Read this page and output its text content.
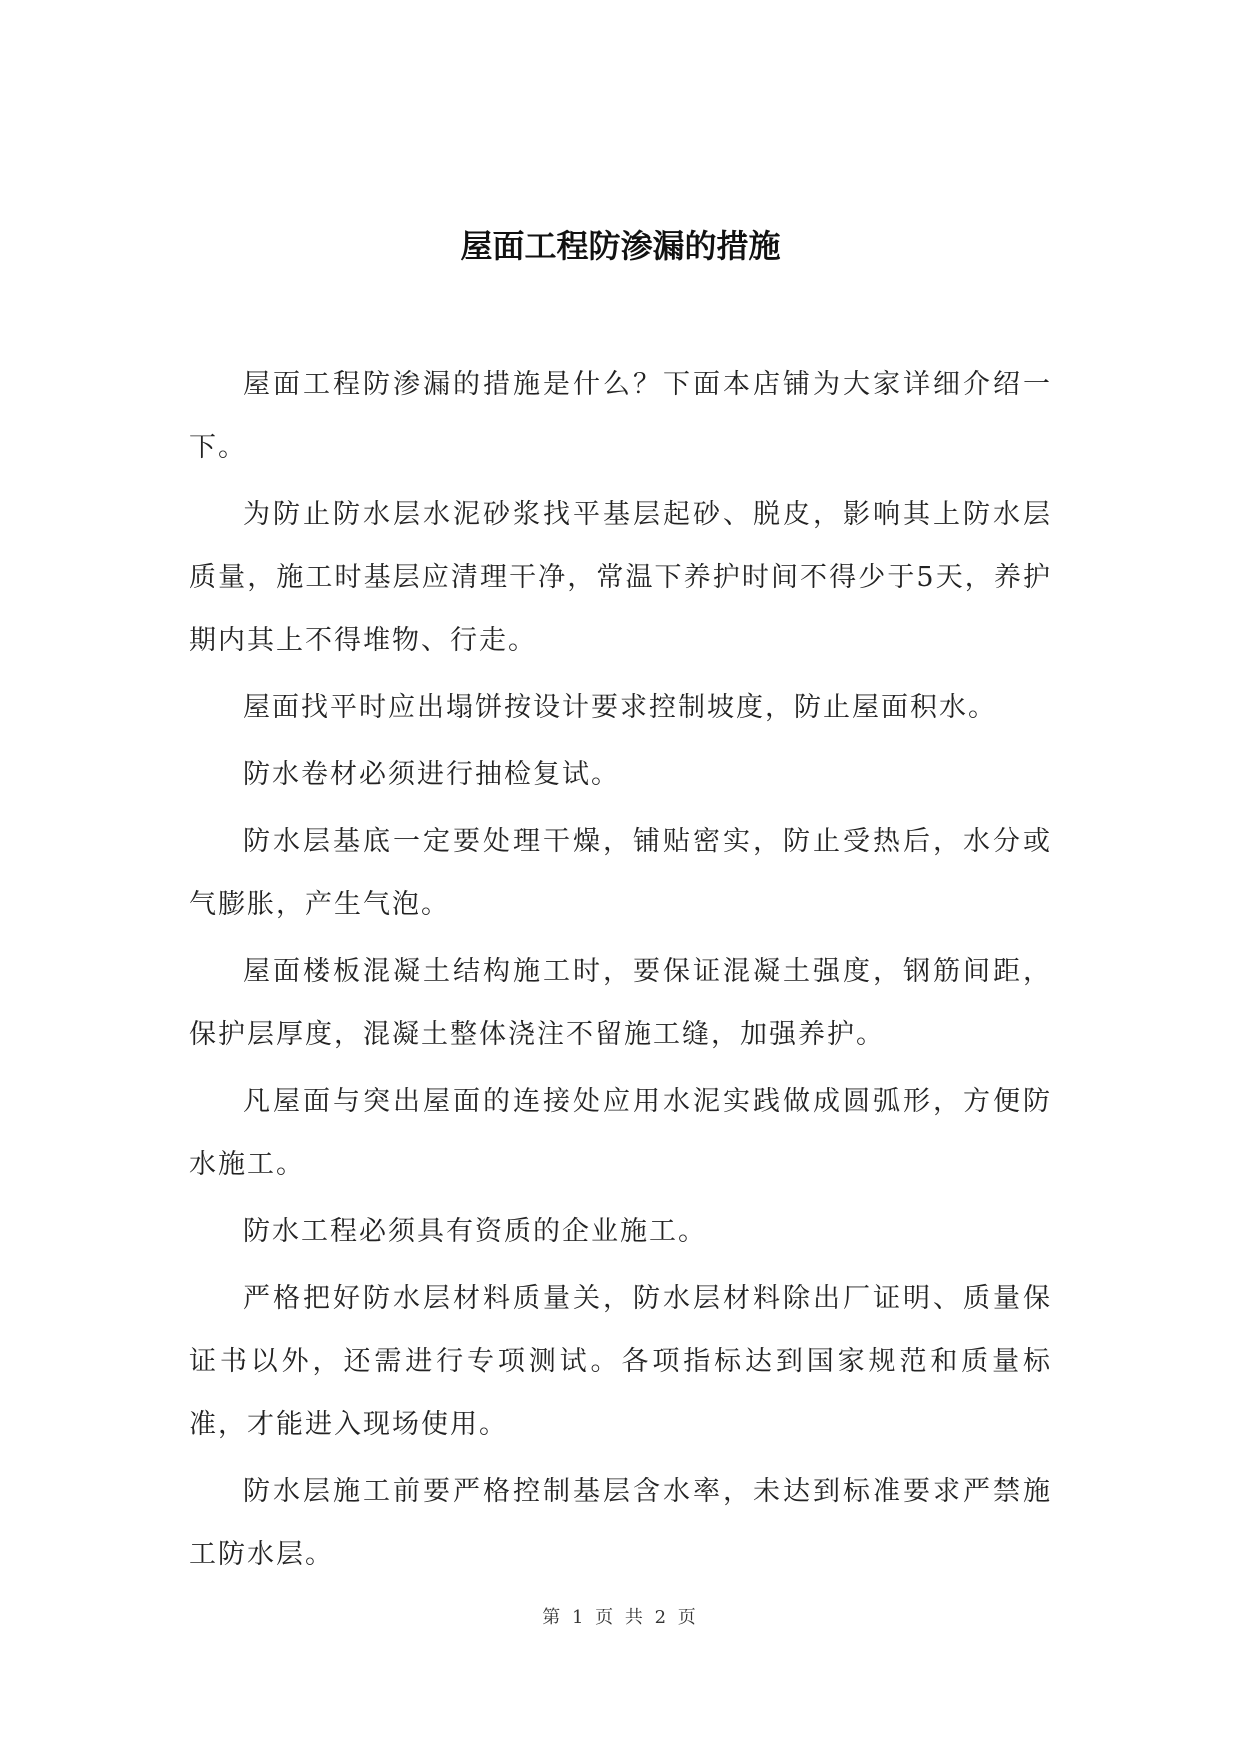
屋面工程防渗漏的措施

屋面工程防渗漏的措施是什么？下面本店铺为大家详细介绍一下。

为防止防水层水泥砂浆找平基层起砂、脱皮，影响其上防水层质量，施工时基层应清理干净，常温下养护时间不得少于5天，养护期内其上不得堆物、行走。

屋面找平时应出塌饼按设计要求控制坡度，防止屋面积水。

防水卷材必须进行抽检复试。

防水层基底一定要处理干燥，铺贴密实，防止受热后，水分或气膨胀，产生气泡。

屋面楼板混凝土结构施工时，要保证混凝土强度，钢筋间距，保护层厚度，混凝土整体浇注不留施工缝，加强养护。

凡屋面与突出屋面的连接处应用水泥实践做成圆弧形，方便防水施工。

防水工程必须具有资质的企业施工。

严格把好防水层材料质量关，防水层材料除出厂证明、质量保证书以外，还需进行专项测试。各项指标达到国家规范和质量标准，才能进入现场使用。

防水层施工前要严格控制基层含水率，未达到标准要求严禁施工防水层。

第 1 页 共 2 页
